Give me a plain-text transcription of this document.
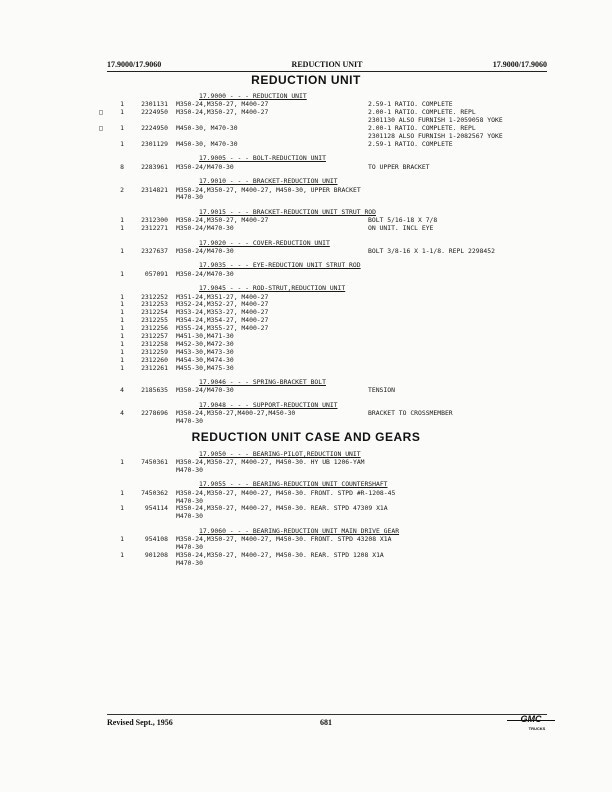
17.9000/17.9060	REDUCTION UNIT	17.9000/17.9060
REDUCTION UNIT
17.9000 - - - REDUCTION UNIT
1	2301131 M350-24,M350-27, M400-27	2.59-1 RATIO. COMPLETE
□	1	2224950 M350-24,M350-27, M400-27	2.00-1 RATIO. COMPLETE. REPL
2301130 ALSO FURNISH 1-2059058 YOKE
□	1	2224950 M450-30, M470-30	2.00-1 RATIO. COMPLETE. REPL
2301128 ALSO FURNISH 1-2082567 YOKE
1	2301129 M450-30, M470-30	2.59-1 RATIO. COMPLETE
17.9005 - - - BOLT-REDUCTION UNIT
8	2283961 M350-24/M470-30	TO UPPER BRACKET
17.9010 - - - BRACKET-REDUCTION UNIT
2	2314821 M350-24,M350-27, M400-27, M450-30, UPPER BRACKET
M470-30
17.9015 - - - BRACKET-REDUCTION UNIT STRUT ROD
1	2312300 M350-24,M350-27, M400-27	BOLT 5/16-18 X 7/8
1	2312271 M350-24/M470-30	ON UNIT. INCL EYE
17.9020 - - - COVER-REDUCTION UNIT
1	2327637 M350-24/M470-30	BOLT 3/8-16 X 1-1/8. REPL 2298452
17.9035 - - - EYE-REDUCTION UNIT STRUT ROD
1	057091 M350-24/M470-30
17.9045 - - - ROD-STRUT,REDUCTION UNIT
1	2312252 M351-24,M351-27, M400-27
1	2312253 M352-24,M352-27, M400-27
1	2312254 M353-24,M353-27, M400-27
1	2312255 M354-24,M354-27, M400-27
1	2312256 M355-24,M355-27, M400-27
1	2312257 M451-30,M471-30
1	2312258 M452-30,M472-30
1	2312259 M453-30,M473-30
1	2312260 M454-30,M474-30
1	2312261 M455-30,M475-30
17.9046 - - - SPRING-BRACKET BOLT
4	2185635 M350-24/M470-30	TENSION
17.9048 - - - SUPPORT-REDUCTION UNIT
4	2278696 M350-24,M350-27,M400-27,M450-30	BRACKET TO CROSSMEMBER
M470-30
REDUCTION UNIT CASE AND GEARS
17.9050 - - - BEARING-PILOT,REDUCTION UNIT
1	7450361 M350-24,M350-27, M400-27, M450-30. HY UB 1206-YAM
M470-30
17.9055 - - - BEARING-REDUCTION UNIT COUNTERSHAFT
1	7450362 M350-24,M350-27, M400-27, M450-30. FRONT. STPD #R-1208-45
M470-30
1	954114 M350-24,M350-27, M400-27, M450-30. REAR. STPD 47309 X1A
M470-30
17.9060 - - - BEARING-REDUCTION UNIT MAIN DRIVE GEAR
1	954108 M350-24,M350-27, M400-27, M450-30. FRONT. STPD 43208 X1A
M470-30
1	901208 M350-24,M350-27, M400-27, M450-30. REAR. STPD 1208 X1A
M470-30
Revised Sept., 1956	681	GMC
TRUCKS
